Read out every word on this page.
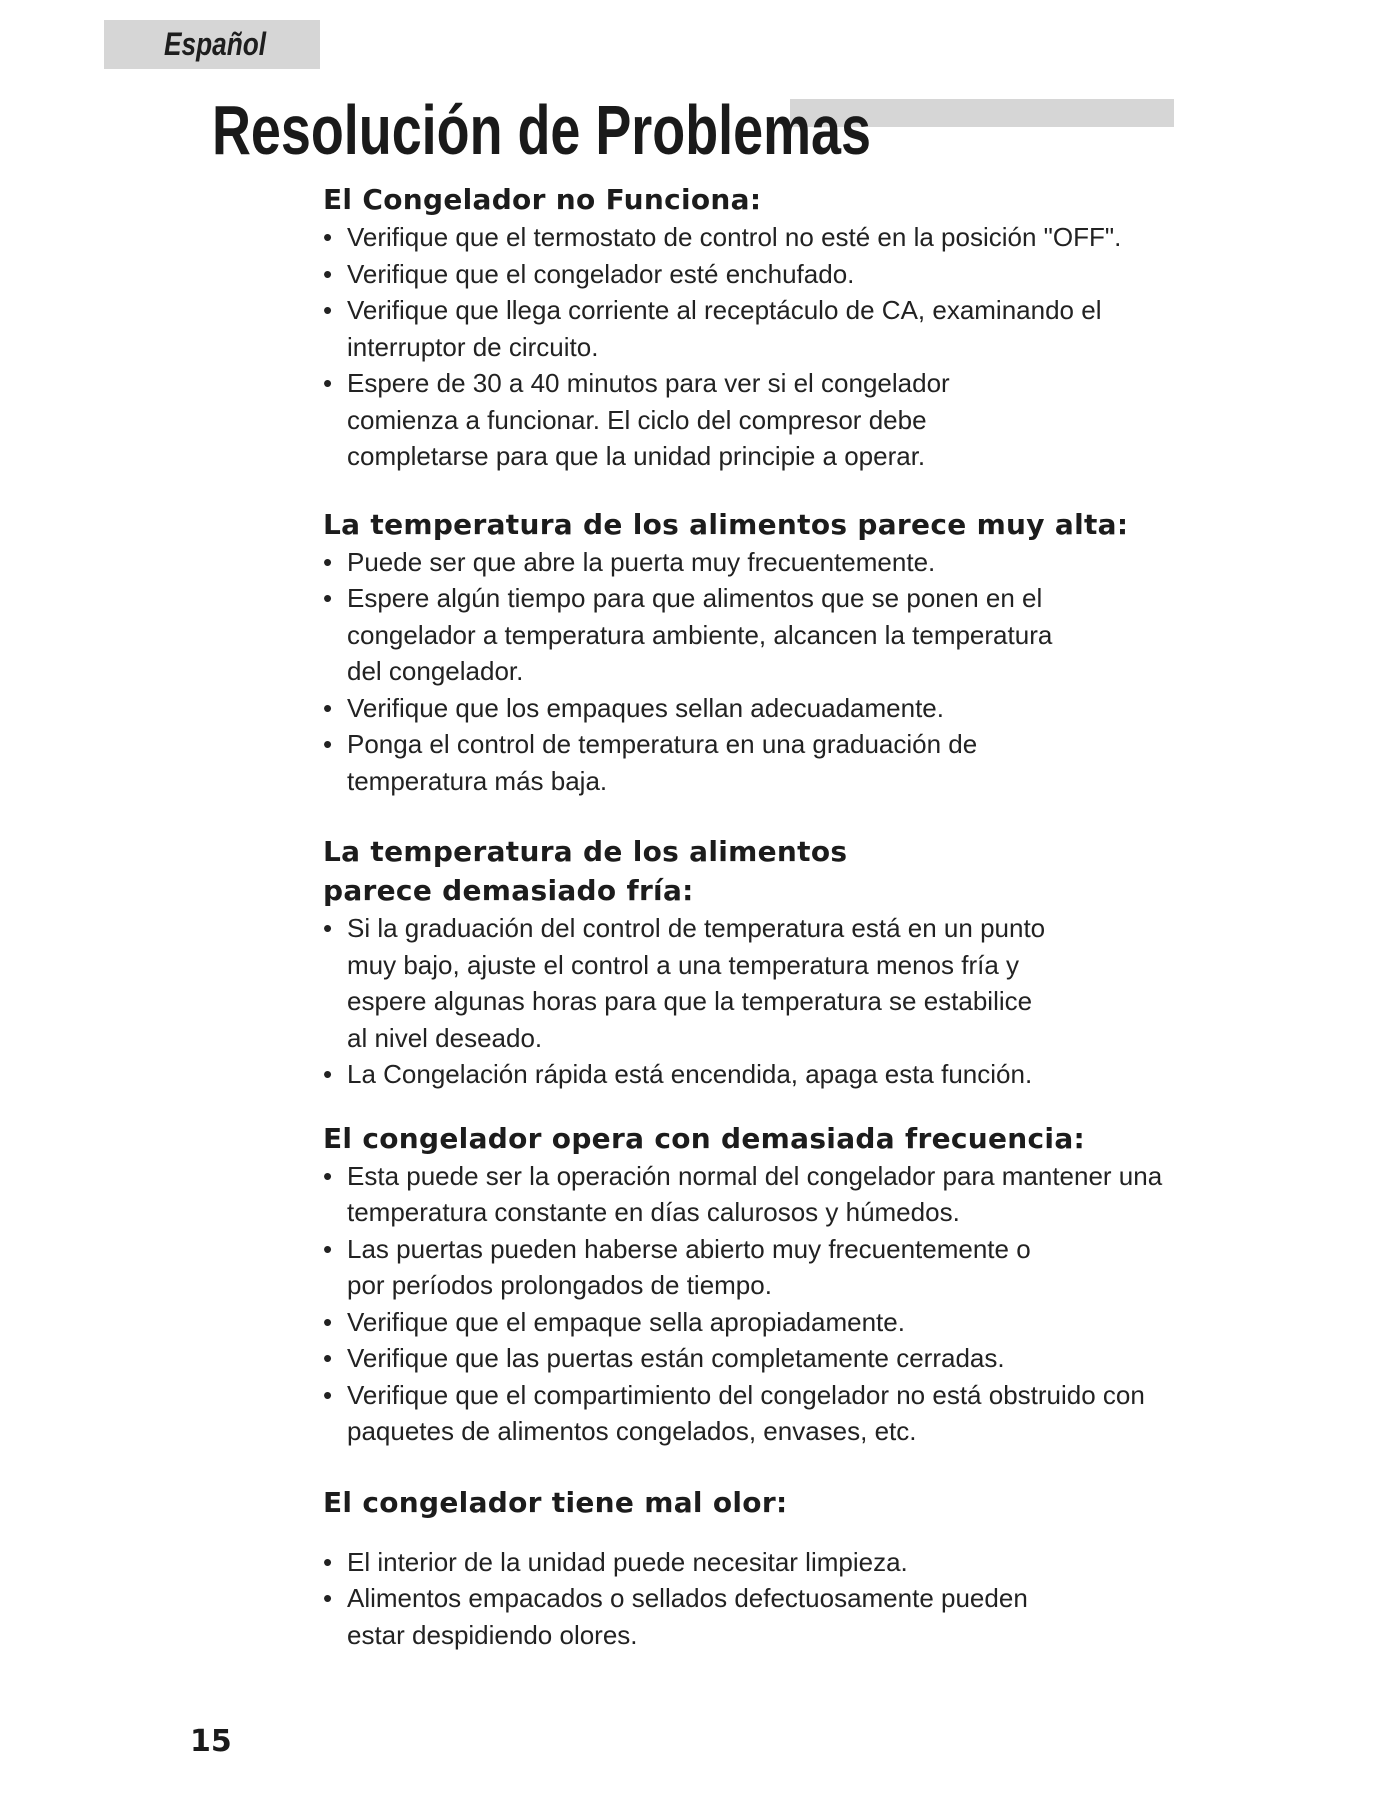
Español
Resolución de Problemas
El Congelador no Funciona:
• Verifique que el termostato de control no esté en la posición "OFF".
• Verifique que el congelador esté enchufado.
• Verifique que llega corriente al receptáculo de CA, examinando el interruptor de circuito.
• Espere de 30 a 40 minutos para ver si el congelador comienza a funcionar. El ciclo del compresor debe completarse para que la unidad principie a operar.
La temperatura de los alimentos parece muy alta:
• Puede ser que abre la puerta muy frecuentemente.
• Espere algún tiempo para que alimentos que se ponen en el congelador a temperatura ambiente, alcancen la temperatura del congelador.
• Verifique que los empaques sellan adecuadamente.
• Ponga el control de temperatura en una graduación de temperatura más baja.
La temperatura de los alimentos
parece demasiado fría:
• Si la graduación del control de temperatura está en un punto muy bajo, ajuste el control a una temperatura menos fría y espere algunas horas para que la temperatura se estabilice al nivel deseado.
• La Congelación rápida está encendida, apaga esta función.
El congelador opera con demasiada frecuencia:
• Esta puede ser la operación normal del congelador para mantener una temperatura constante en días calurosos y húmedos.
• Las puertas pueden haberse abierto muy frecuentemente o por períodos prolongados de tiempo.
• Verifique que el empaque sella apropiadamente.
• Verifique que las puertas están completamente cerradas.
• Verifique que el compartimiento del congelador no está obstruido con paquetes de alimentos congelados, envases, etc.
El congelador tiene mal olor:
• El interior de la unidad puede necesitar limpieza.
• Alimentos empacados o sellados defectuosamente pueden estar despidiendo olores.
15
